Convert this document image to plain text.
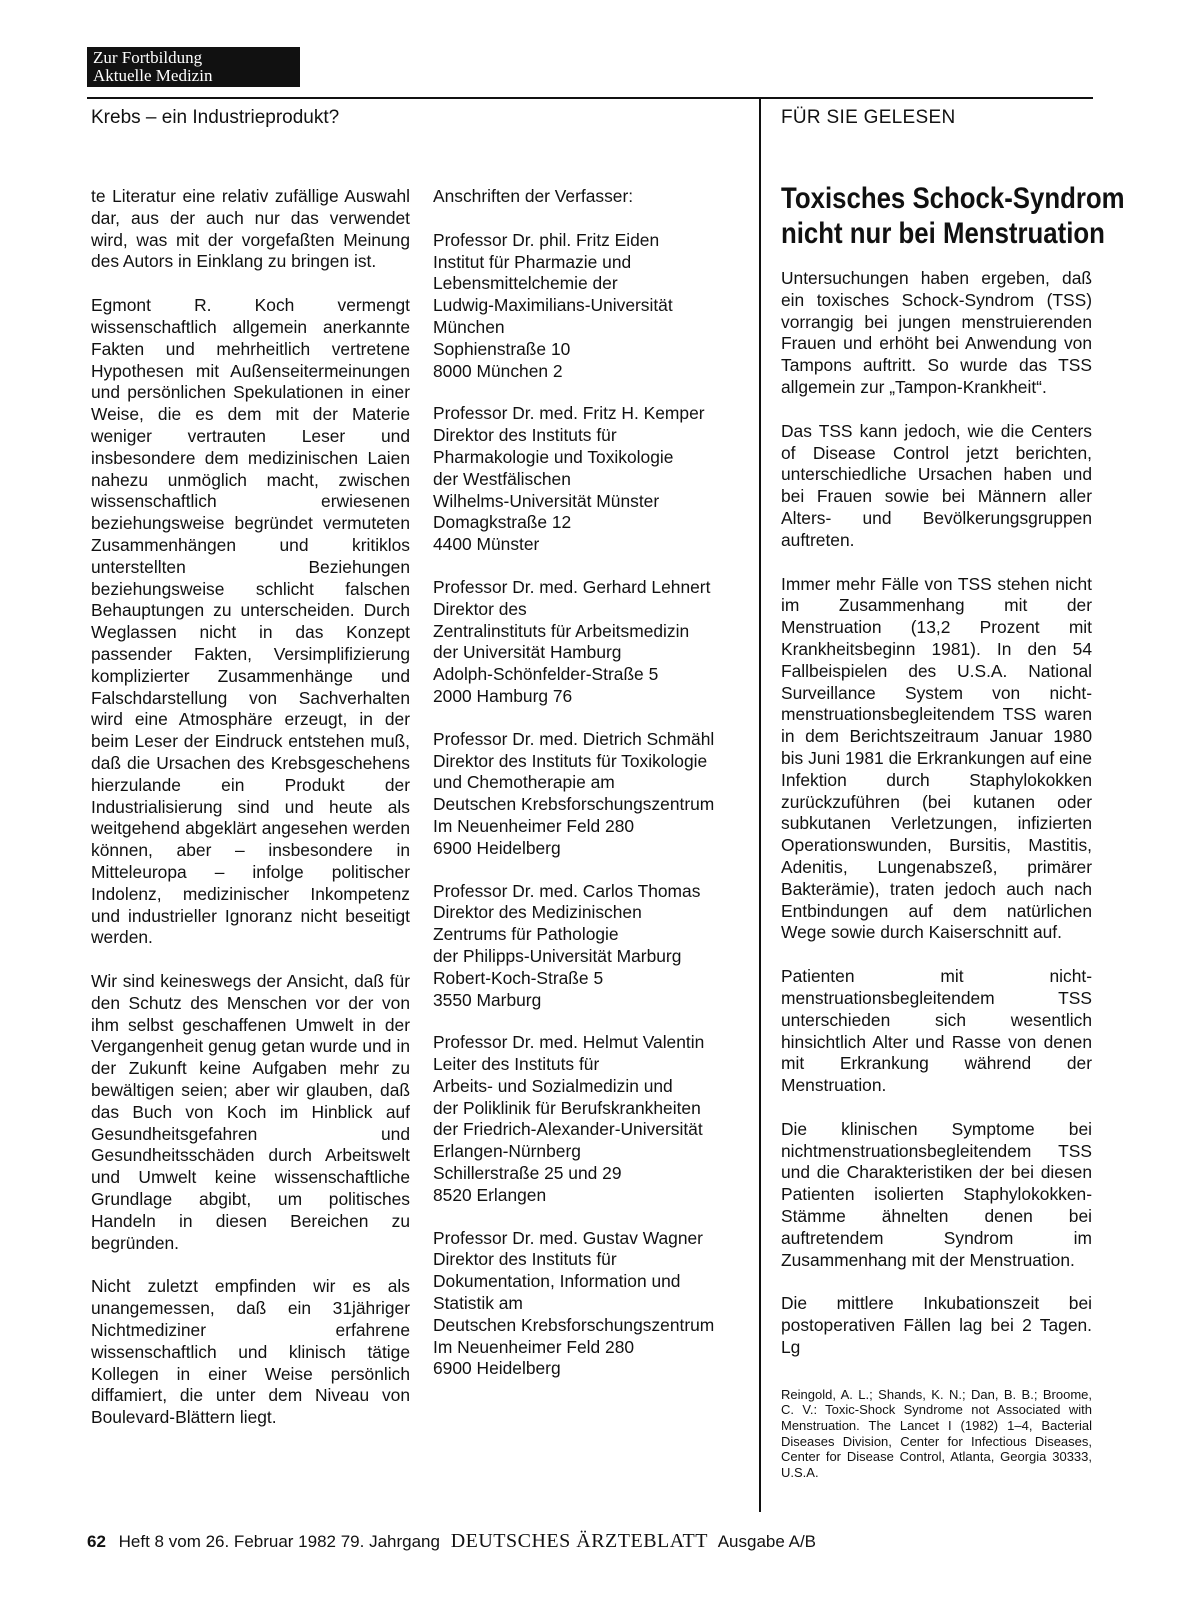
Zur Fortbildung
Aktuelle Medizin
Krebs – ein Industrieprodukt?	FÜR SIE GELESEN

te Literatur eine relativ zufällige Auswahl dar, aus der auch nur das verwendet wird, was mit der vorgefaßten Meinung des Autors in Einklang zu bringen ist.

Egmont R. Koch vermengt wissenschaftlich allgemein anerkannte Fakten und mehrheitlich vertretene Hypothesen mit Außenseitermeinungen und persönlichen Spekulationen in einer Weise, die es dem mit der Materie weniger vertrauten Leser und insbesondere dem medizinischen Laien nahezu unmöglich macht, zwischen wissenschaftlich erwiesenen beziehungsweise begründet vermuteten Zusammenhängen und kritiklos unterstellten Beziehungen beziehungsweise schlicht falschen Behauptungen zu unterscheiden. Durch Weglassen nicht in das Konzept passender Fakten, Versimplifizierung komplizierter Zusammenhänge und Falschdarstellung von Sachverhalten wird eine Atmosphäre erzeugt, in der beim Leser der Eindruck entstehen muß, daß die Ursachen des Krebsgeschehens hierzulande ein Produkt der Industrialisierung sind und heute als weitgehend abgeklärt angesehen werden können, aber – insbesondere in Mitteleuropa – infolge politischer Indolenz, medizinischer Inkompetenz und industrieller Ignoranz nicht beseitigt werden.

Wir sind keineswegs der Ansicht, daß für den Schutz des Menschen vor der von ihm selbst geschaffenen Umwelt in der Vergangenheit genug getan wurde und in der Zukunft keine Aufgaben mehr zu bewältigen seien; aber wir glauben, daß das Buch von Koch im Hinblick auf Gesundheitsgefahren und Gesundheitsschäden durch Arbeitswelt und Umwelt keine wissenschaftliche Grundlage abgibt, um politisches Handeln in diesen Bereichen zu begründen.

Nicht zuletzt empfinden wir es als unangemessen, daß ein 31jähriger Nichtmediziner erfahrene wissenschaftlich und klinisch tätige Kollegen in einer Weise persönlich diffamiert, die unter dem Niveau von Boulevard-Blättern liegt.

Anschriften der Verfasser:
Professor Dr. phil. Fritz Eiden
Institut für Pharmazie und
Lebensmittelchemie der
Ludwig-Maximilians-Universität
München
Sophienstraße 10
8000 München 2
Professor Dr. med. Fritz H. Kemper
Direktor des Instituts für
Pharmakologie und Toxikologie
der Westfälischen
Wilhelms-Universität Münster
Domagkstraße 12
4400 Münster
Professor Dr. med. Gerhard Lehnert
Direktor des
Zentralinstituts für Arbeitsmedizin
der Universität Hamburg
Adolph-Schönfelder-Straße 5
2000 Hamburg 76
Professor Dr. med. Dietrich Schmähl
Direktor des Instituts für Toxikologie
und Chemotherapie am
Deutschen Krebsforschungszentrum
Im Neuenheimer Feld 280
6900 Heidelberg
Professor Dr. med. Carlos Thomas
Direktor des Medizinischen
Zentrums für Pathologie
der Philipps-Universität Marburg
Robert-Koch-Straße 5
3550 Marburg
Professor Dr. med. Helmut Valentin
Leiter des Instituts für
Arbeits- und Sozialmedizin und
der Poliklinik für Berufskrankheiten
der Friedrich-Alexander-Universität
Erlangen-Nürnberg
Schillerstraße 25 und 29
8520 Erlangen
Professor Dr. med. Gustav Wagner
Direktor des Instituts für
Dokumentation, Information und
Statistik am
Deutschen Krebsforschungszentrum
Im Neuenheimer Feld 280
6900 Heidelberg
Toxisches Schock-Syndrom
nicht nur bei Menstruation

Untersuchungen haben ergeben, daß ein toxisches Schock-Syndrom (TSS) vorrangig bei jungen menstruierenden Frauen und erhöht bei Anwendung von Tampons auftritt. So wurde das TSS allgemein zur „Tampon-Krankheit“.

Das TSS kann jedoch, wie die Centers of Disease Control jetzt berichten, unterschiedliche Ursachen haben und bei Frauen sowie bei Männern aller Alters- und Bevölkerungsgruppen auftreten.

Immer mehr Fälle von TSS stehen nicht im Zusammenhang mit der Menstruation (13,2 Prozent mit Krankheitsbeginn 1981). In den 54 Fallbeispielen des U.S.A. National Surveillance System von nicht-menstruationsbegleitendem TSS waren in dem Berichtszeitraum Januar 1980 bis Juni 1981 die Erkrankungen auf eine Infektion durch Staphylokokken zurückzuführen (bei kutanen oder subkutanen Verletzungen, infizierten Operationswunden, Bursitis, Mastitis, Adenitis, Lungenabszeß, primärer Bakterämie), traten jedoch auch nach Entbindungen auf dem natürlichen Wege sowie durch Kaiserschnitt auf.

Patienten mit nicht-menstruationsbegleitendem TSS unterschieden sich wesentlich hinsichtlich Alter und Rasse von denen mit Erkrankung während der Menstruation.

Die klinischen Symptome bei nichtmenstruationsbegleitendem TSS und die Charakteristiken der bei diesen Patienten isolierten Staphylokokken-Stämme ähnelten denen bei auftretendem Syndrom im Zusammenhang mit der Menstruation.

Die mittlere Inkubationszeit bei postoperativen Fällen lag bei 2 Tagen. Lg

Reingold, A. L.; Shands, K. N.; Dan, B. B.; Broome, C. V.: Toxic-Shock Syndrome not Associated with Menstruation. The Lancet I (1982) 1–4, Bacterial Diseases Division, Center for Infectious Diseases, Center for Disease Control, Atlanta, Georgia 30333, U.S.A.
62 Heft 8 vom 26. Februar 1982 79. Jahrgang DEUTSCHES ÄRZTEBLATT Ausgabe A/B
